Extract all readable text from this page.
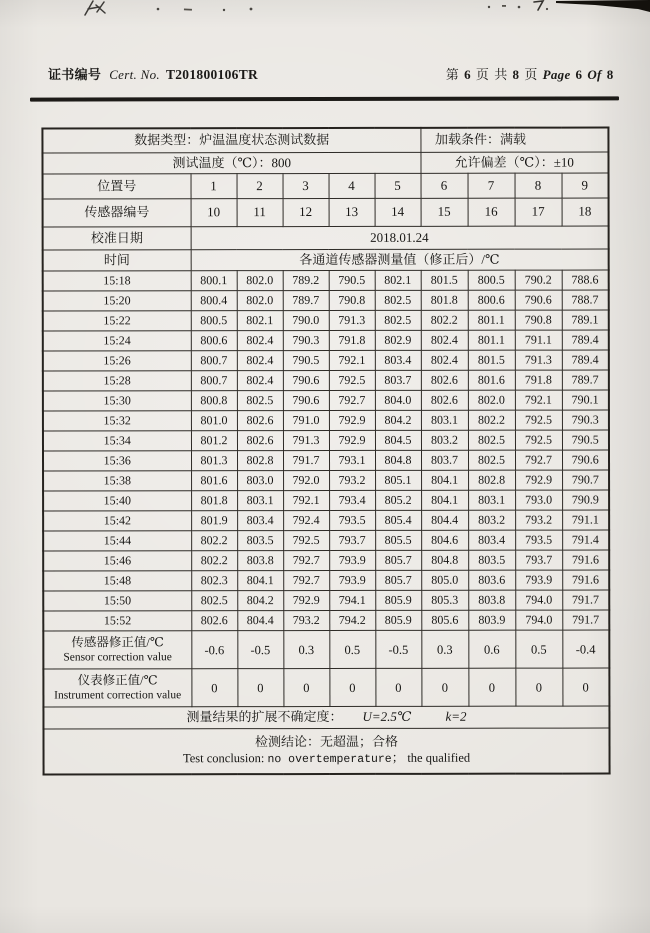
证书编号 Cert. No. T201800106TR	第 6 页 共 8 页 Page 6 Of 8
数据类型：炉温温度状态测试数据						加载条件：满载			
测试温度（℃）：800						允许偏差（℃）：±10			
位置号	1	2	3	4	5	6	7	8	9
传感器编号	10	11	12	13	14	15	16	17	18
校准日期	2018.01.24								
时间	各通道传感器测量值（修正后）/℃								
15:18	800.1	802.0	789.2	790.5	802.1	801.5	800.5	790.2	788.6
15:20	800.4	802.0	789.7	790.8	802.5	801.8	800.6	790.6	788.7
15:22	800.5	802.1	790.0	791.3	802.5	802.2	801.1	790.8	789.1
15:24	800.6	802.4	790.3	791.8	802.9	802.4	801.1	791.1	789.4
15:26	800.7	802.4	790.5	792.1	803.4	802.4	801.5	791.3	789.4
15:28	800.7	802.4	790.6	792.5	803.7	802.6	801.6	791.8	789.7
15:30	800.8	802.5	790.6	792.7	804.0	802.6	802.0	792.1	790.1
15:32	801.0	802.6	791.0	792.9	804.2	803.1	802.2	792.5	790.3
15:34	801.2	802.6	791.3	792.9	804.5	803.2	802.5	792.5	790.5
15:36	801.3	802.8	791.7	793.1	804.8	803.7	802.5	792.7	790.6
15:38	801.6	803.0	792.0	793.2	805.1	804.1	802.8	792.9	790.7
15:40	801.8	803.1	792.1	793.4	805.2	804.1	803.1	793.0	790.9
15:42	801.9	803.4	792.4	793.5	805.4	804.4	803.2	793.2	791.1
15:44	802.2	803.5	792.5	793.7	805.5	804.6	803.4	793.5	791.4
15:46	802.2	803.8	792.7	793.9	805.7	804.8	803.5	793.7	791.6
15:48	802.3	804.1	792.7	793.9	805.7	805.0	803.6	793.9	791.6
15:50	802.5	804.2	792.9	794.1	805.9	805.3	803.8	794.0	791.7
15:52	802.6	804.4	793.2	794.2	805.9	805.6	803.9	794.0	791.7

传感器修正值/℃
Sensor correction value	-0.6	-0.5	0.3	0.5	-0.5	0.3	0.6	0.5	-0.4

仪表修正值/℃
Instrument correction value	0	0	0	0	0	0	0	0	0
测量结果的扩展不确定度： U=2.5℃ k=2									

检测结论：无超温；合格
Test conclusion: no overtemperature； the qualified									
